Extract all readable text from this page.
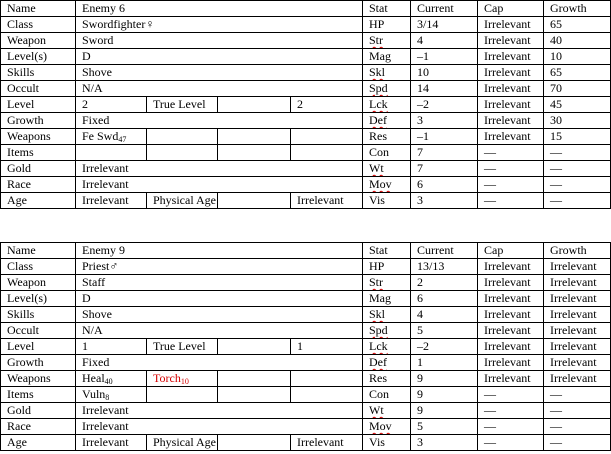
Name	Enemy 6				Stat	Current	Cap	Growth
Class	Swordfighter♀				HP	3/14	Irrelevant	65
Weapon	Sword				Str	4	Irrelevant	40
Level(s)	D				Mag	–1	Irrelevant	10
Skills	Shove				Skl	10	Irrelevant	65
Occult	N/A				Spd	14	Irrelevant	70
Level	2	True Level		2	Lck	–2	Irrelevant	45
Growth	Fixed				Def	3	Irrelevant	30
Weapons	Fe Swd$_{47}$				Res	–1	Irrelevant	15
Items					Con	7	—	—
Gold	Irrelevant				Wt	7	—	—
Race	Irrelevant				Mov	6	—	—
Age	Irrelevant	Physical Age		Irrelevant	Vis	3	—	—
Name	Enemy 9				Stat	Current	Cap	Growth
Class	Priest♂				HP	13/13	Irrelevant	Irrelevant
Weapon	Staff				Str	2	Irrelevant	Irrelevant
Level(s)	D				Mag	6	Irrelevant	Irrelevant
Skills	Shove				Skl	4	Irrelevant	Irrelevant
Occult	N/A				Spd	5	Irrelevant	Irrelevant
Level	1	True Level		1	Lck	–2	Irrelevant	Irrelevant
Growth	Fixed				Def	1	Irrelevant	Irrelevant
Weapons	Heal$_{40}$	Torch$_{10}$			Res	9	Irrelevant	Irrelevant
Items	Vuln$_8$				Con	9	—	—
Gold	Irrelevant				Wt	9	—	—
Race	Irrelevant				Mov	5	—	—
Age	Irrelevant	Physical Age		Irrelevant	Vis	3	—	—
